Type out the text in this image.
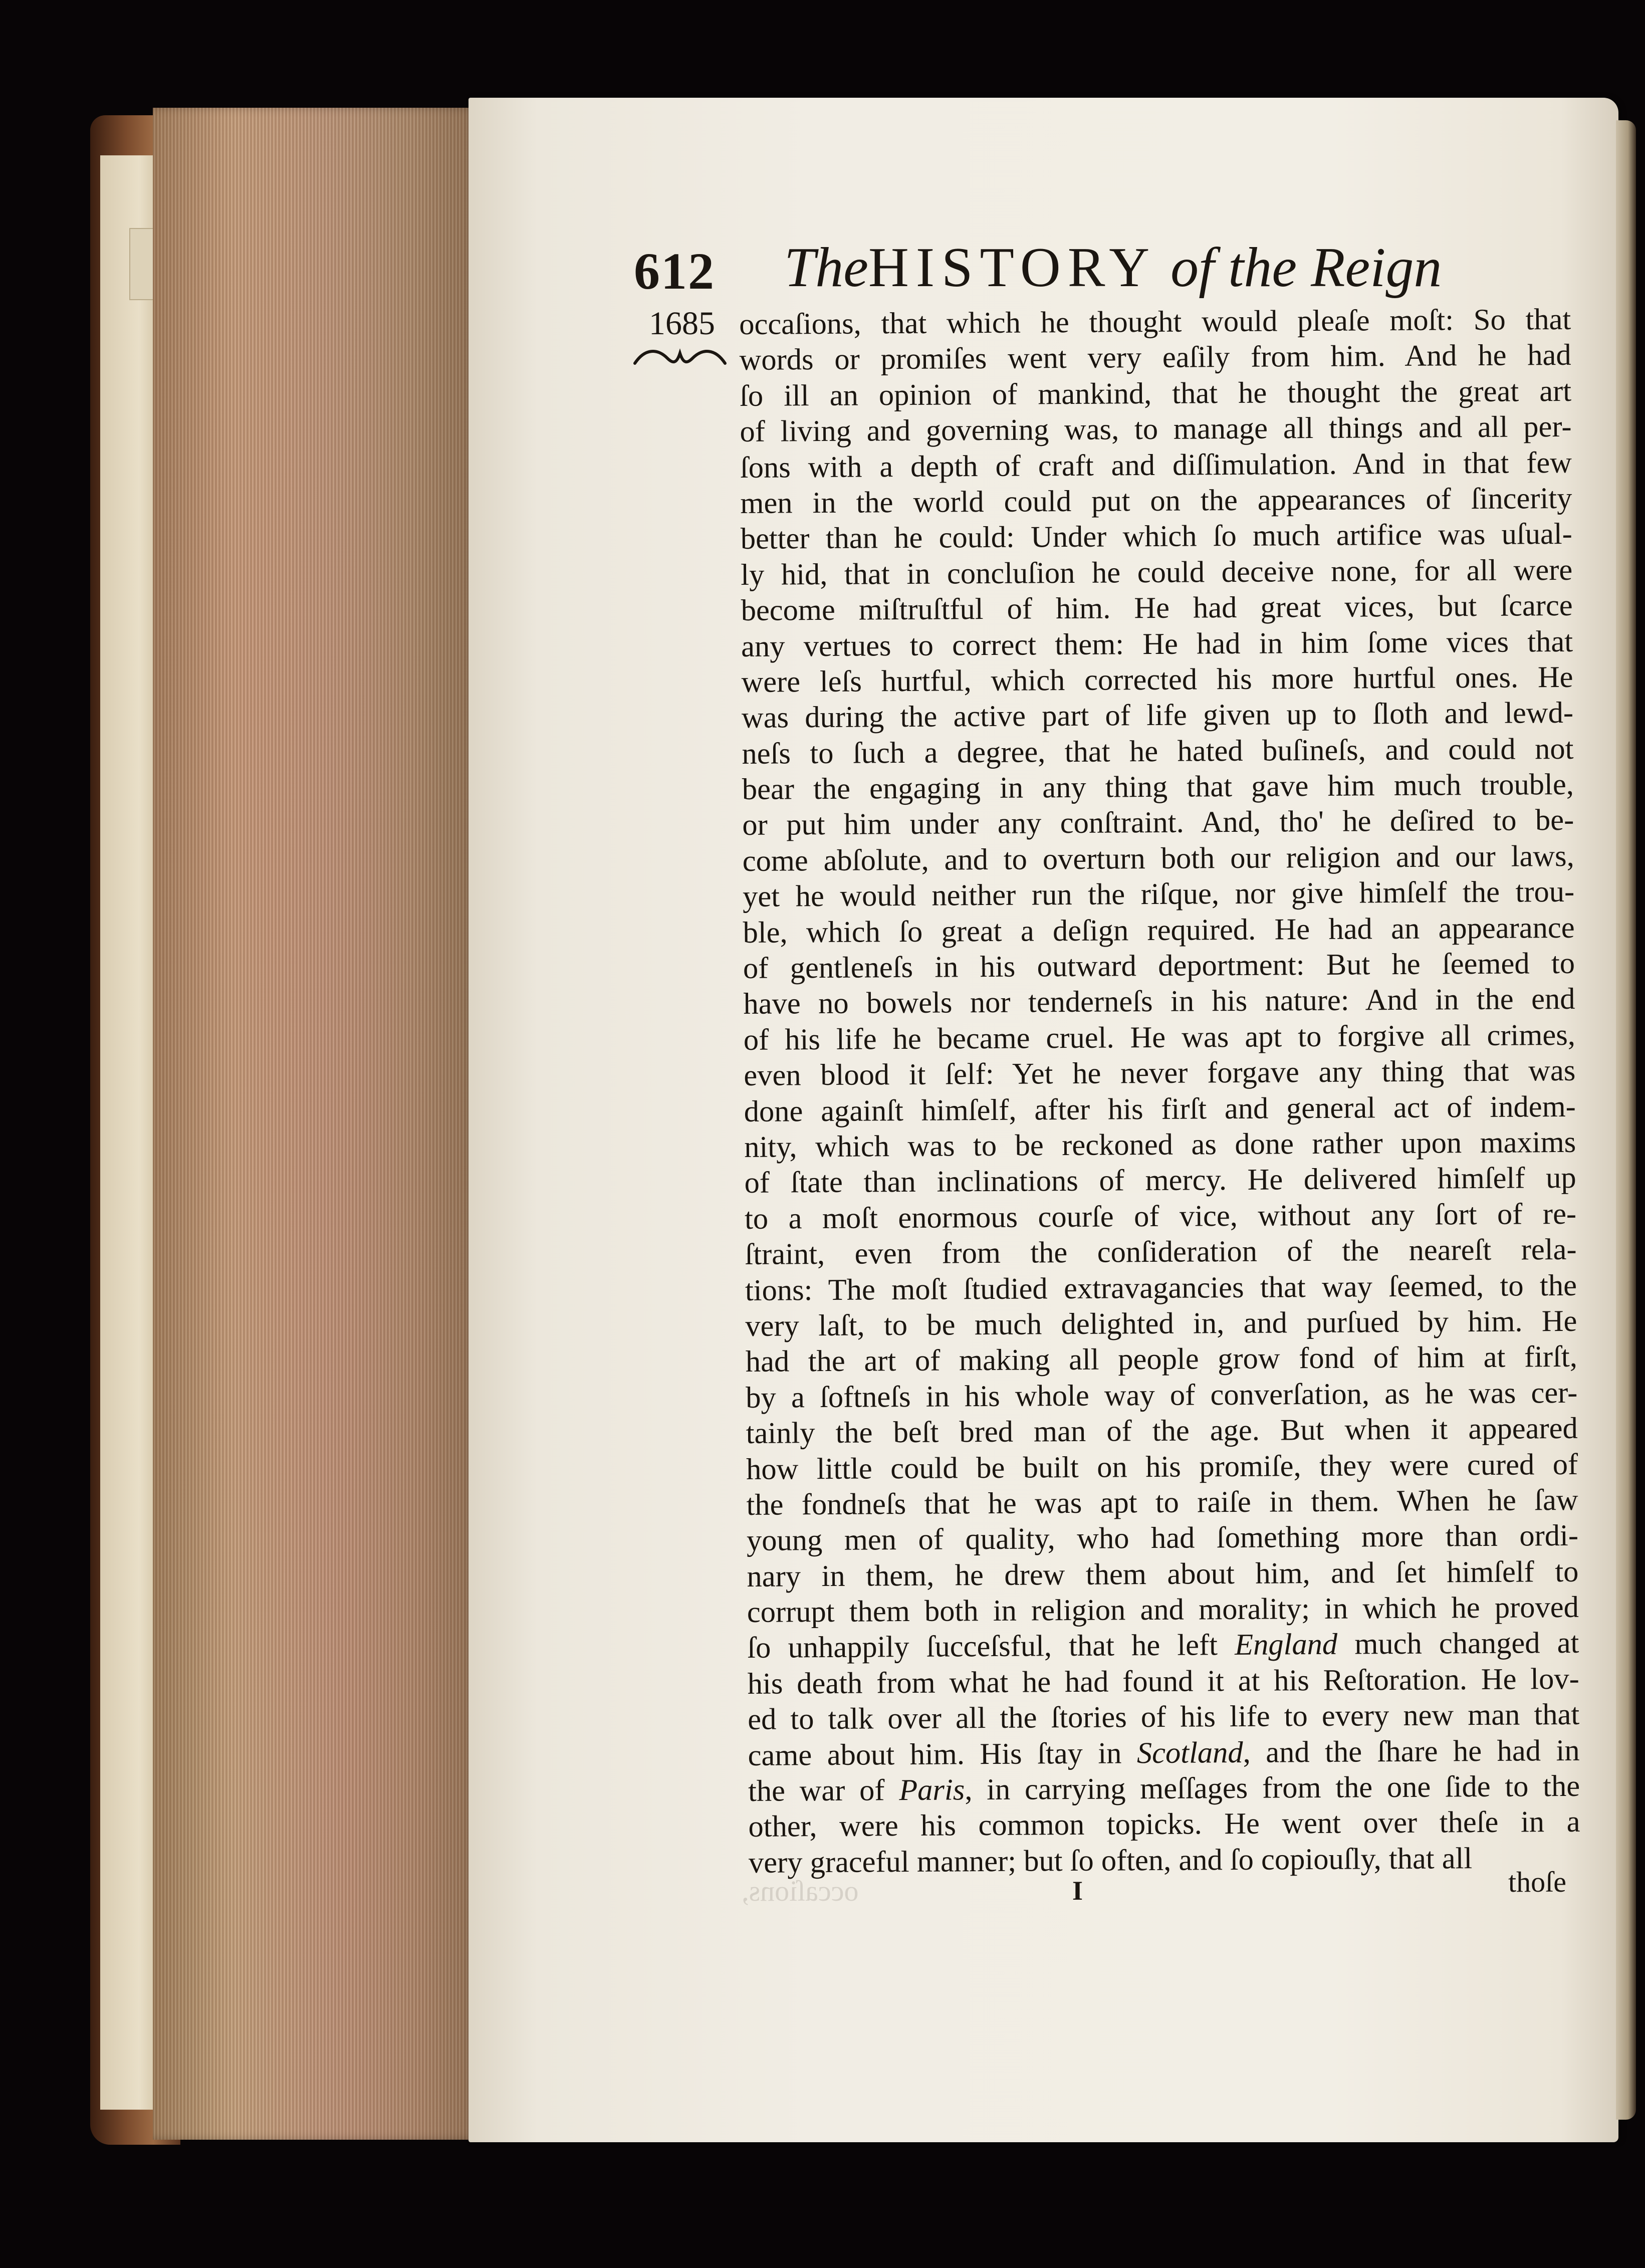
occaſions,
612 TheHISTORY of the Reign
1685 occaſions, that which he thought would pleaſe moſt: So that
words or promiſes went very eaſily from him. And he had
ſo ill an opinion of mankind, that he thought the great art
of living and governing was, to manage all things and all per-
ſons with a depth of craft and diſſimulation. And in that few
men in the world could put on the appearances of ſincerity
better than he could: Under which ſo much artifice was uſual-
ly hid, that in concluſion he could deceive none, for all were
become miſtruſtful of him. He had great vices, but ſcarce
any vertues to correct them: He had in him ſome vices that
were leſs hurtful, which corrected his more hurtful ones. He
was during the active part of life given up to ſloth and lewd-
neſs to ſuch a degree, that he hated buſineſs, and could not
bear the engaging in any thing that gave him much trouble,
or put him under any conſtraint. And, tho' he deſired to be-
come abſolute, and to overturn both our religion and our laws,
yet he would neither run the riſque, nor give himſelf the trou-
ble, which ſo great a deſign required. He had an appearance
of gentleneſs in his outward deportment: But he ſeemed to
have no bowels nor tenderneſs in his nature: And in the end
of his life he became cruel. He was apt to forgive all crimes,
even blood it ſelf: Yet he never forgave any thing that was
done againſt himſelf, after his firſt and general act of indem-
nity, which was to be reckoned as done rather upon maxims
of ſtate than inclinations of mercy. He delivered himſelf up
to a moſt enormous courſe of vice, without any ſort of re-
ſtraint, even from the conſideration of the neareſt rela-
tions: The moſt ſtudied extravagancies that way ſeemed, to the
very laſt, to be much delighted in, and purſued by him. He
had the art of making all people grow fond of him at firſt,
by a ſoftneſs in his whole way of converſation, as he was cer-
tainly the beſt bred man of the age. But when it appeared
how little could be built on his promiſe, they were cured of
the fondneſs that he was apt to raiſe in them. When he ſaw
young men of quality, who had ſomething more than ordi-
nary in them, he drew them about him, and ſet himſelf to
corrupt them both in religion and morality; in which he proved
ſo unhappily ſucceſsful, that he left England much changed at
his death from what he had found it at his Reſtoration. He lov-
ed to talk over all the ſtories of his life to every new man that
came about him. His ſtay in Scotland, and the ſhare he had in
the war of Paris, in carrying meſſages from the one ſide to the
other, were his common topicks. He went over theſe in a
very graceful manner; but ſo often, and ſo copiouſly, that all
I	thoſe
